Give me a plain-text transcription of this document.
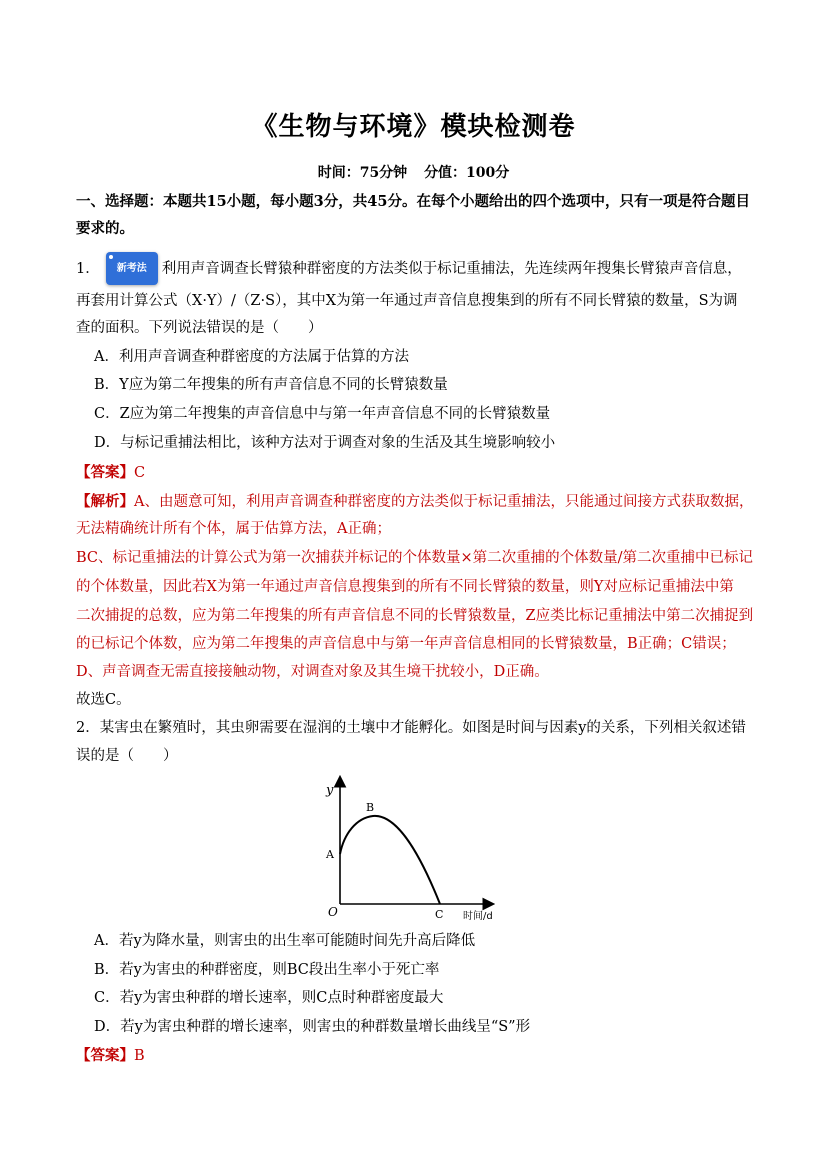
《生物与环境》模块检测卷
时间：75分钟 分值：100分
一、选择题：本题共15小题，每小题3分，共45分。在每个小题给出的四个选项中，只有一项是符合题目要求的。
1． 新考法 利用声音调查长臂猿种群密度的方法类似于标记重捕法，先连续两年搜集长臂猿声音信息，
再套用计算公式（X·Y）/（Z·S），其中X为第一年通过声音信息搜集到的所有不同长臂猿的数量，S为调
查的面积。下列说法错误的是（　　）
A．利用声音调查种群密度的方法属于估算的方法
B．Y应为第二年搜集的所有声音信息不同的长臂猿数量
C．Z应为第二年搜集的声音信息中与第一年声音信息不同的长臂猿数量
D．与标记重捕法相比，该种方法对于调查对象的生活及其生境影响较小
【答案】C
【解析】A、由题意可知，利用声音调查种群密度的方法类似于标记重捕法，只能通过间接方式获取数据，
无法精确统计所有个体，属于估算方法，A正确；
BC、标记重捕法的计算公式为第一次捕获并标记的个体数量×第二次重捕的个体数量/第二次重捕中已标记
的个体数量，因此若X为第一年通过声音信息搜集到的所有不同长臂猿的数量，则Y对应标记重捕法中第
二次捕捉的总数，应为第二年搜集的所有声音信息不同的长臂猿数量，Z应类比标记重捕法中第二次捕捉到
的已标记个体数，应为第二年搜集的声音信息中与第一年声音信息相同的长臂猿数量，B正确；C错误；
D、声音调查无需直接接触动物，对调查对象及其生境干扰较小，D正确。
故选C。
2．某害虫在繁殖时，其虫卵需要在湿润的土壤中才能孵化。如图是时间与因素y的关系，下列相关叙述错
误的是（　　）
y
B
A
O	C 时间/d
A．若y为降水量，则害虫的出生率可能随时间先升高后降低
B．若y为害虫的种群密度，则BC段出生率小于死亡率
C．若y为害虫种群的增长速率，则C点时种群密度最大
D．若y为害虫种群的增长速率，则害虫的种群数量增长曲线呈“S”形
【答案】B
